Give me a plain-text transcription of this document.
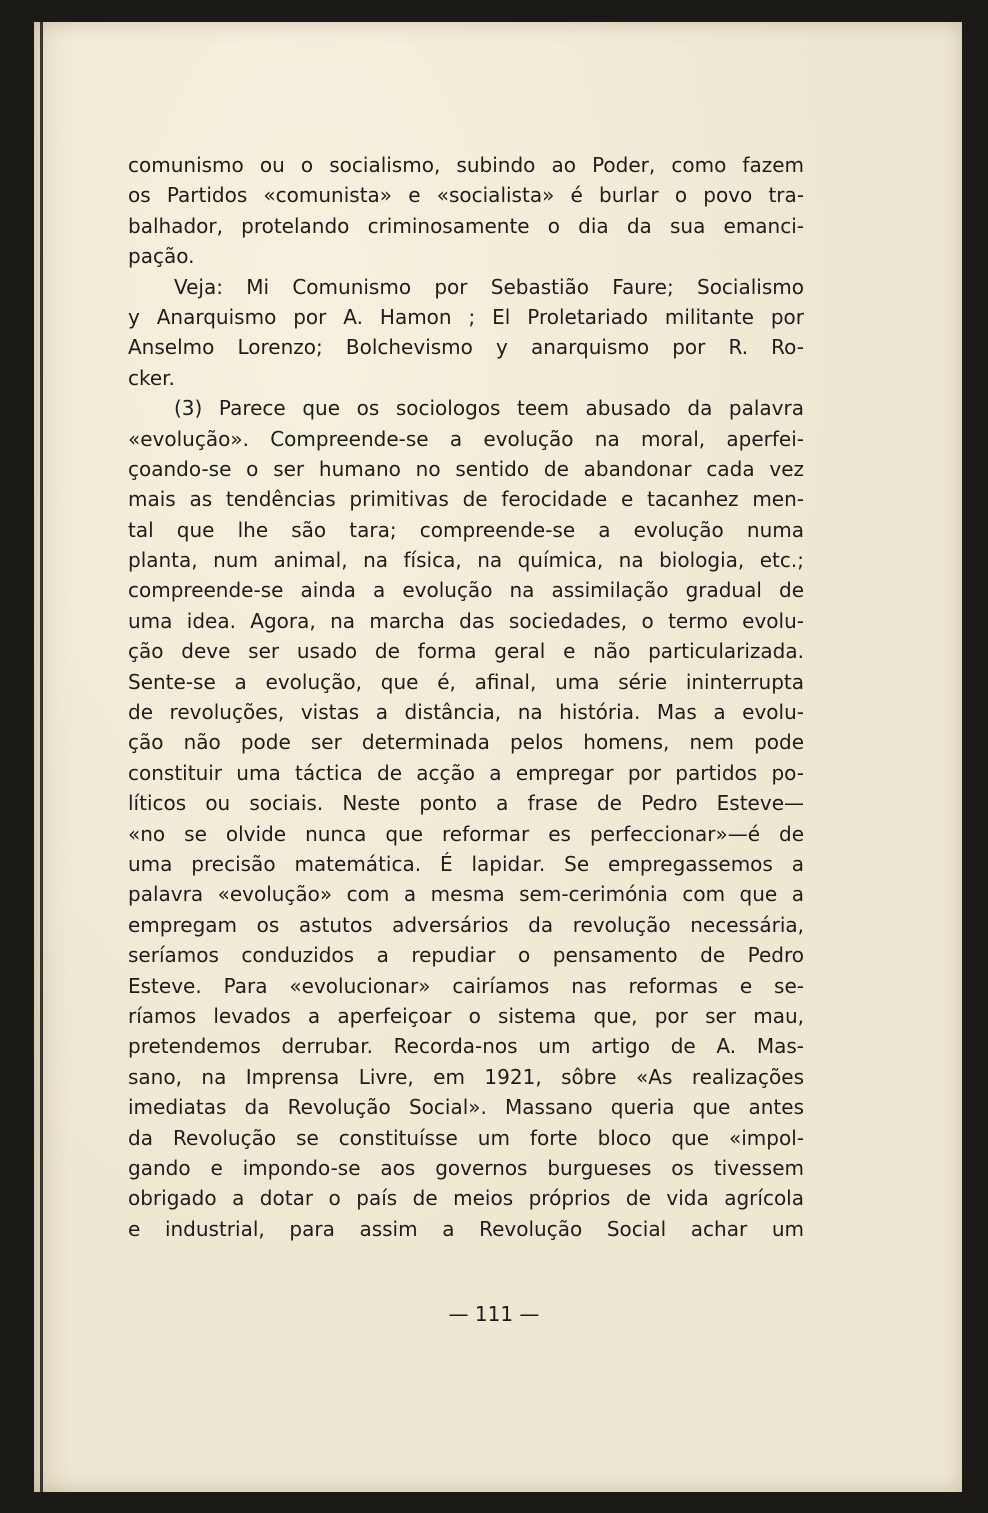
comunismo ou o socialismo, subindo ao Poder, como fazem
os Partidos «comunista» e «socialista» é burlar o povo tra-
balhador, protelando criminosamente o dia da sua emanci-
pação.
Veja: Mi Comunismo por Sebastião Faure; Socialismo
y Anarquismo por A. Hamon ; El Proletariado militante por
Anselmo Lorenzo; Bolchevismo y anarquismo por R. Ro-
cker.
(3) Parece que os sociologos teem abusado da palavra
«evolução». Compreende-se a evolução na moral, aperfei-
çoando-se o ser humano no sentido de abandonar cada vez
mais as tendências primitivas de ferocidade e tacanhez men-
tal que lhe são tara; compreende-se a evolução numa
planta, num animal, na física, na química, na biologia, etc.;
compreende-se ainda a evolução na assimilação gradual de
uma idea. Agora, na marcha das sociedades, o termo evolu-
ção deve ser usado de forma geral e não particularizada.
Sente-se a evolução, que é, afinal, uma série ininterrupta
de revoluções, vistas a distância, na história. Mas a evolu-
ção não pode ser determinada pelos homens, nem pode
constituir uma táctica de acção a empregar por partidos po-
líticos ou sociais. Neste ponto a frase de Pedro Esteve—
«no se olvide nunca que reformar es perfeccionar»—é de
uma precisão matemática. É lapidar. Se empregassemos a
palavra «evolução» com a mesma sem-cerimónia com que a
empregam os astutos adversários da revolução necessária,
seríamos conduzidos a repudiar o pensamento de Pedro
Esteve. Para «evolucionar» cairíamos nas reformas e se-
ríamos levados a aperfeiçoar o sistema que, por ser mau,
pretendemos derrubar. Recorda-nos um artigo de A. Mas-
sano, na Imprensa Livre, em 1921, sôbre «As realizações
imediatas da Revolução Social». Massano queria que antes
da Revolução se constituísse um forte bloco que «impol-
gando e impondo-se aos governos burgueses os tivessem
obrigado a dotar o país de meios próprios de vida agrícola
e industrial, para assim a Revolução Social achar um
— 111 —
